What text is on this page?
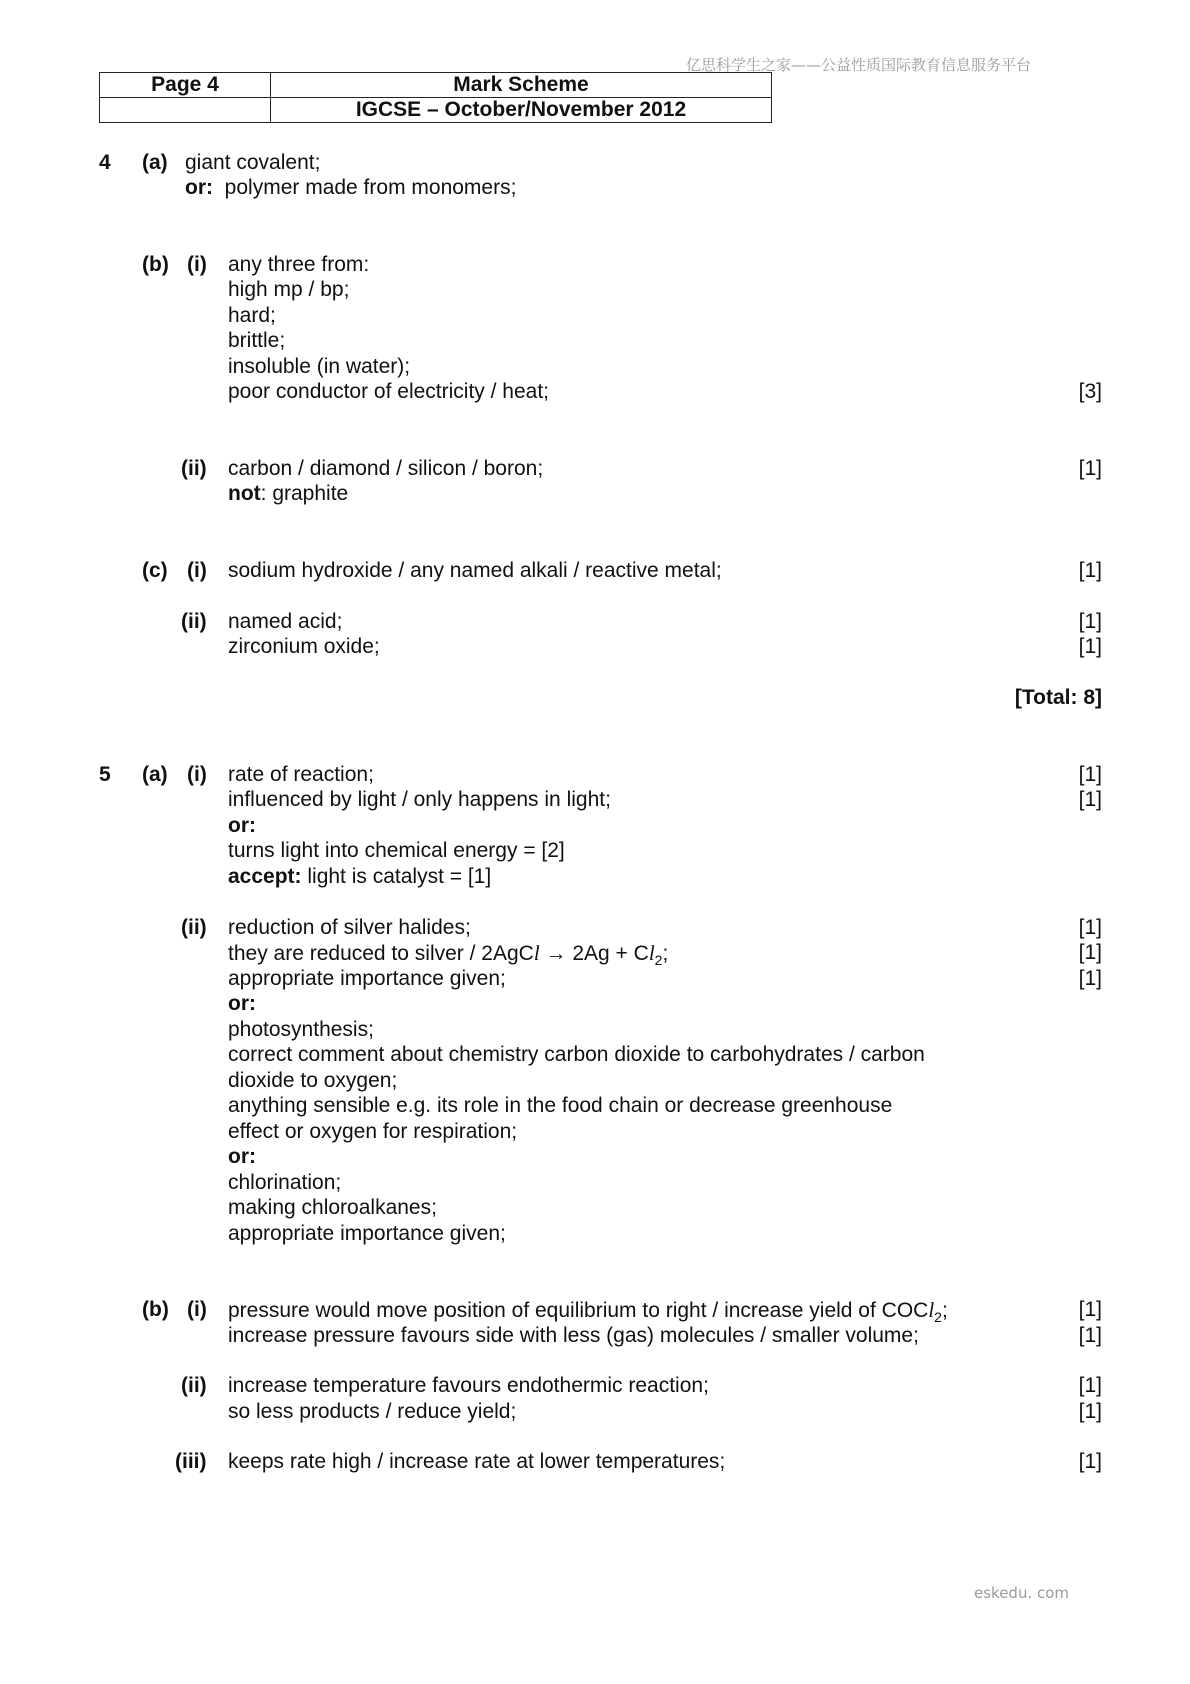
亿思科学生之家——公益性质国际教育信息服务平台
Page 4	Mark Scheme
	IGCSE – October/November 2012
4 (a) giant covalent;
or: polymer made from monomers;
(b) (i) any three from:
high mp / bp;
hard;
brittle;
insoluble (in water);
poor conductor of electricity / heat;	[3]
(ii) carbon / diamond / silicon / boron;	[1]
not: graphite
(c) (i) sodium hydroxide / any named alkali / reactive metal;	[1]
(ii) named acid;	[1]
zirconium oxide;	[1]
[Total: 8]
5 (a) (i) rate of reaction;	[1]
influenced by light / only happens in light;	[1]
or:
turns light into chemical energy = [2]
accept: light is catalyst = [1]
(ii) reduction of silver halides;	[1]
they are reduced to silver / 2AgCl → $2Ag + Cl_2$;	[1]
appropriate importance given;	[1]
or:
photosynthesis;
correct comment about chemistry carbon dioxide to carbohydrates / carbon
dioxide to oxygen;
anything sensible e.g. its role in the food chain or decrease greenhouse
effect or oxygen for respiration;
or:
chlorination;
making chloroalkanes;
appropriate importance given;
(b) (i) pressure would move position of equilibrium to right / increase yield of COCl$_2$;	[1]
increase pressure favours side with less (gas) molecules / smaller volume;	[1]
(ii) increase temperature favours endothermic reaction;	[1]
so less products / reduce yield;	[1]
(iii) keeps rate high / increase rate at lower temperatures;	[1]
eskedu. com
